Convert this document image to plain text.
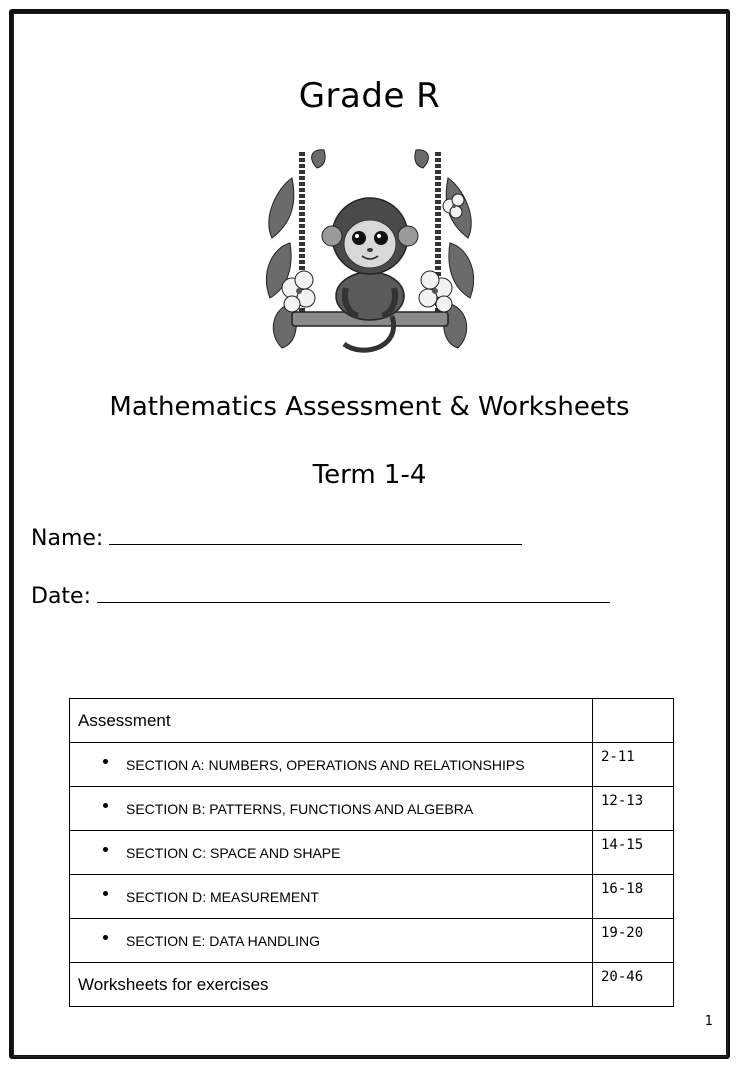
Grade R
Mathematics Assessment & Worksheets
Term 1-4
Name:
Date:
Assessment	

SECTION A: NUMBERS, OPERATIONS AND RELATIONSHIPS	2-11

SECTION B: PATTERNS, FUNCTIONS AND ALGEBRA	12-13

SECTION C: SPACE AND SHAPE	14-15

SECTION D: MEASUREMENT	16-18

SECTION E: DATA HANDLING	19-20
Worksheets for exercises	20-46
1
